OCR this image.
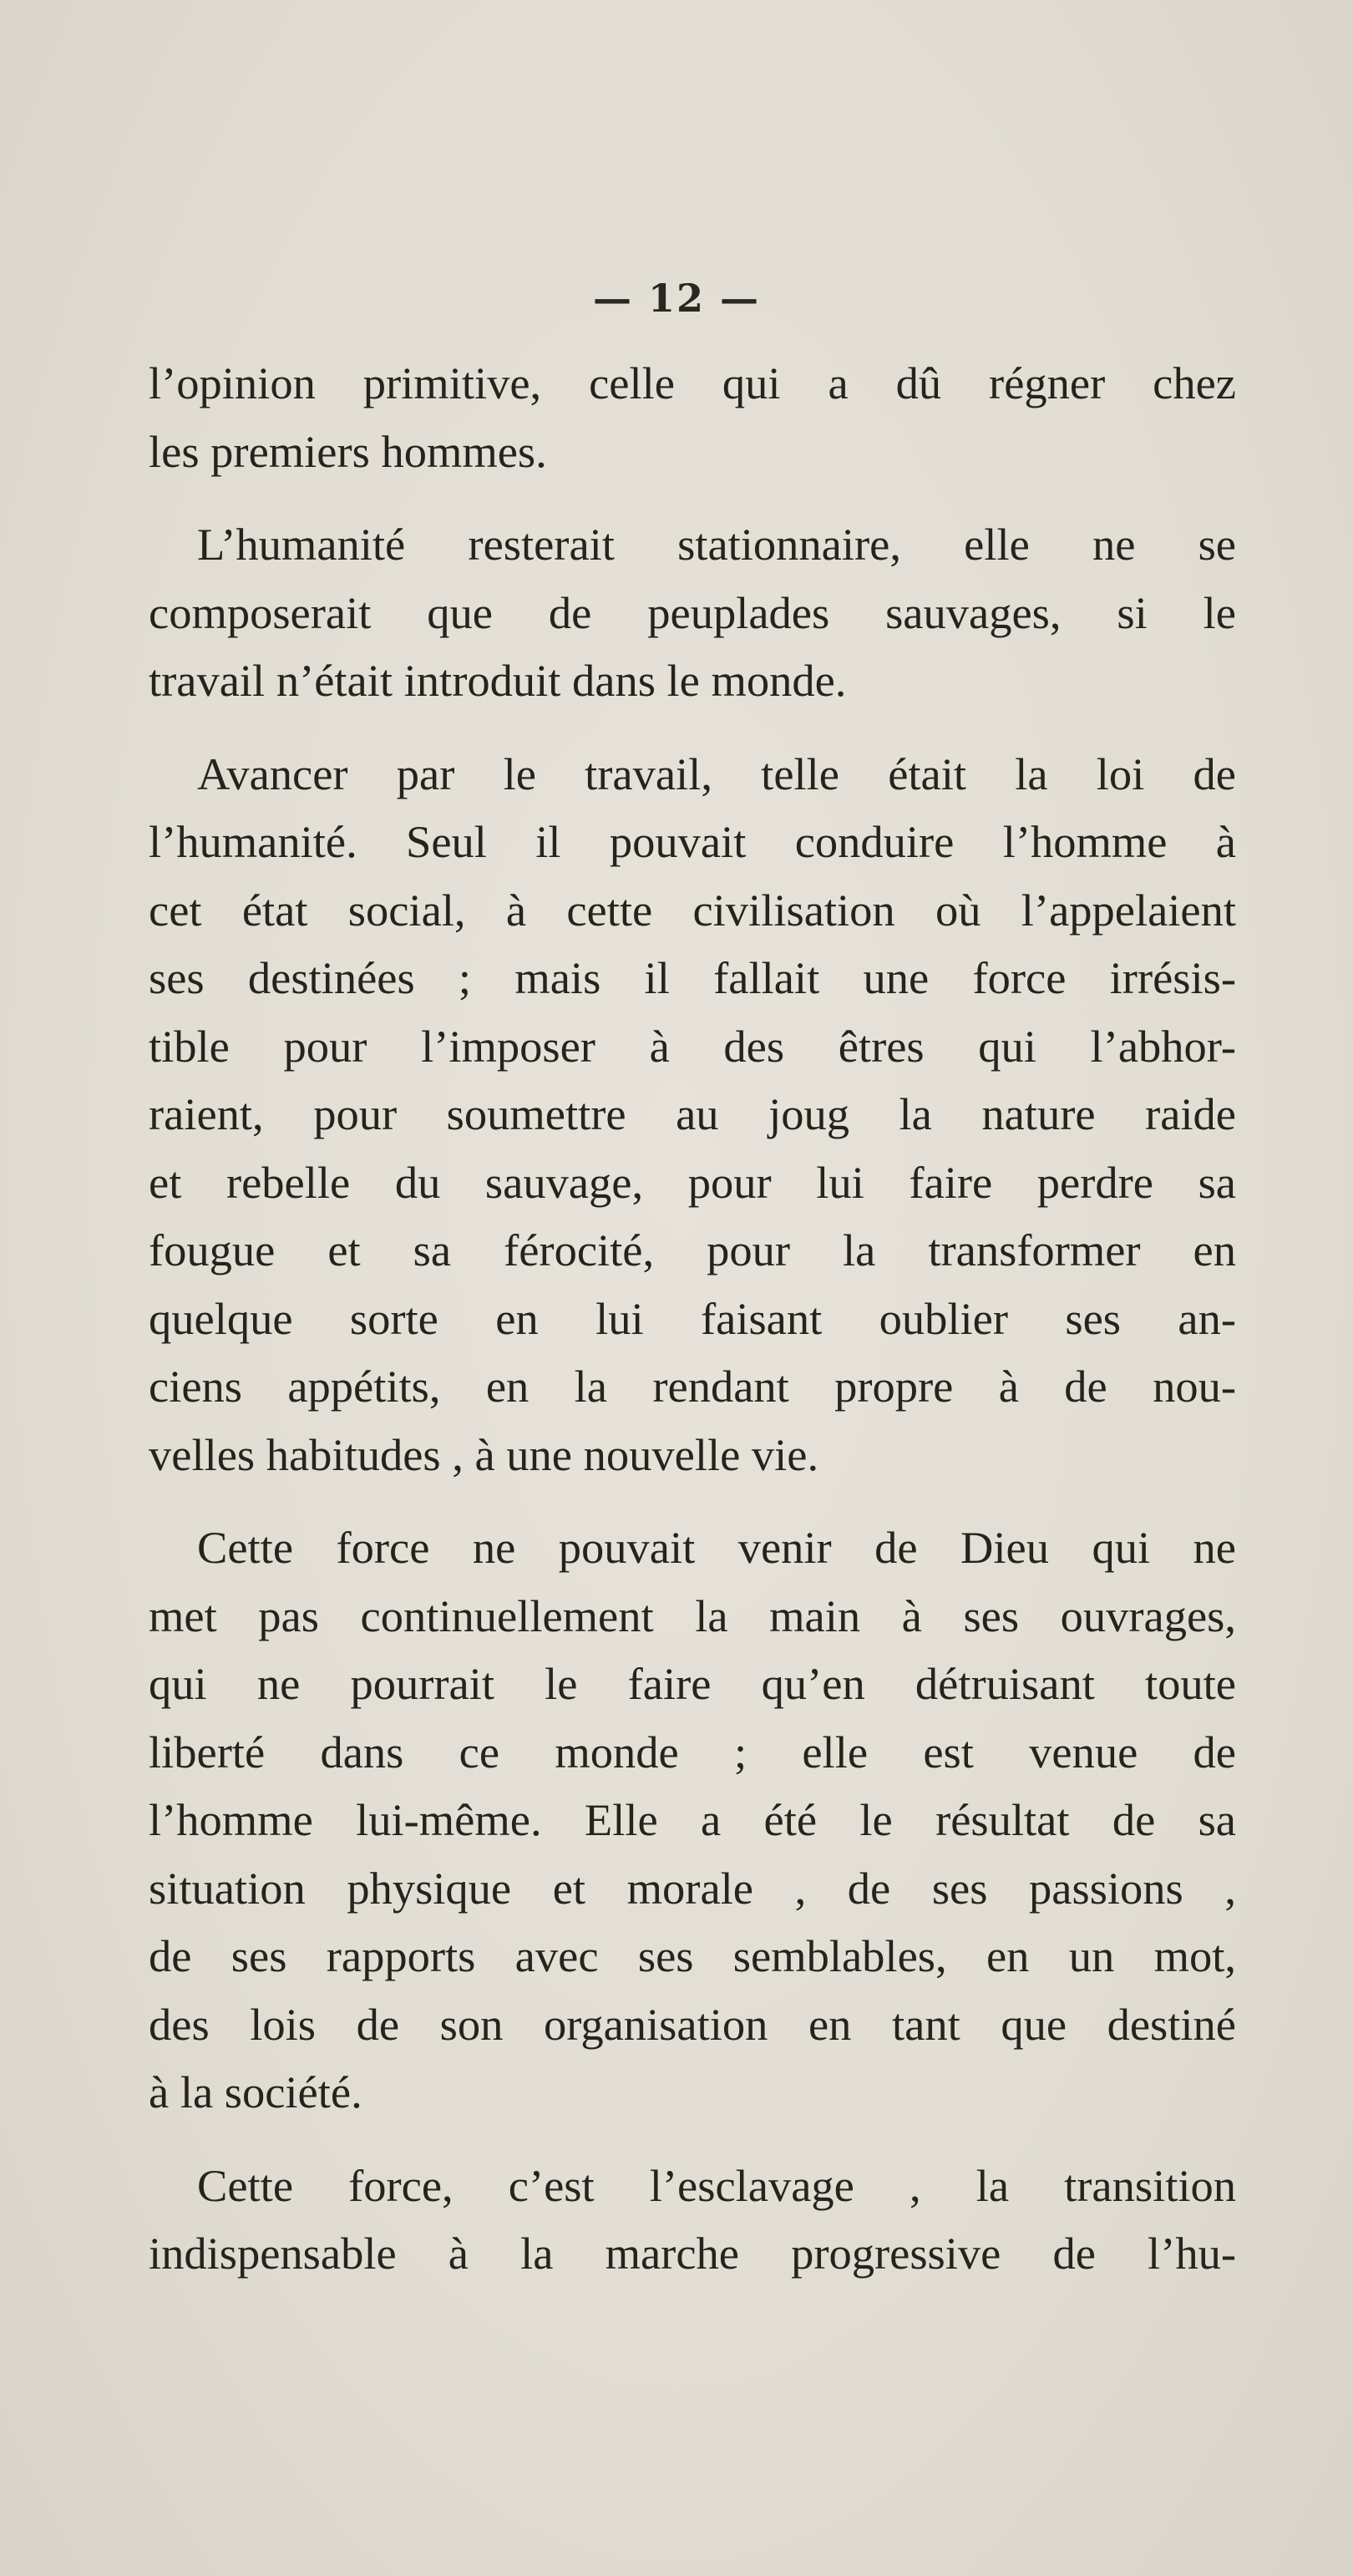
— 12 —

l’opinion primitive, celle qui a dû régner chez
les premiers hommes.

L’humanité resterait stationnaire, elle ne se
composerait que de peuplades sauvages, si le
travail n’était introduit dans le monde.

Avancer par le travail, telle était la loi de
l’humanité. Seul il pouvait conduire l’homme à
cet état social, à cette civilisation où l’appelaient
ses destinées ; mais il fallait une force irrésis-
tible pour l’imposer à des êtres qui l’abhor-
raient, pour soumettre au joug la nature raide
et rebelle du sauvage, pour lui faire perdre sa
fougue et sa férocité, pour la transformer en
quelque sorte en lui faisant oublier ses an-
ciens appétits, en la rendant propre à de nou-
velles habitudes , à une nouvelle vie.

Cette force ne pouvait venir de Dieu qui ne
met pas continuellement la main à ses ouvrages,
qui ne pourrait le faire qu’en détruisant toute
liberté dans ce monde ; elle est venue de
l’homme lui-même. Elle a été le résultat de sa
situation physique et morale , de ses passions ,
de ses rapports avec ses semblables, en un mot,
des lois de son organisation en tant que destiné
à la société.

Cette force, c’est l’esclavage , la transition
indispensable à la marche progressive de l’hu-
